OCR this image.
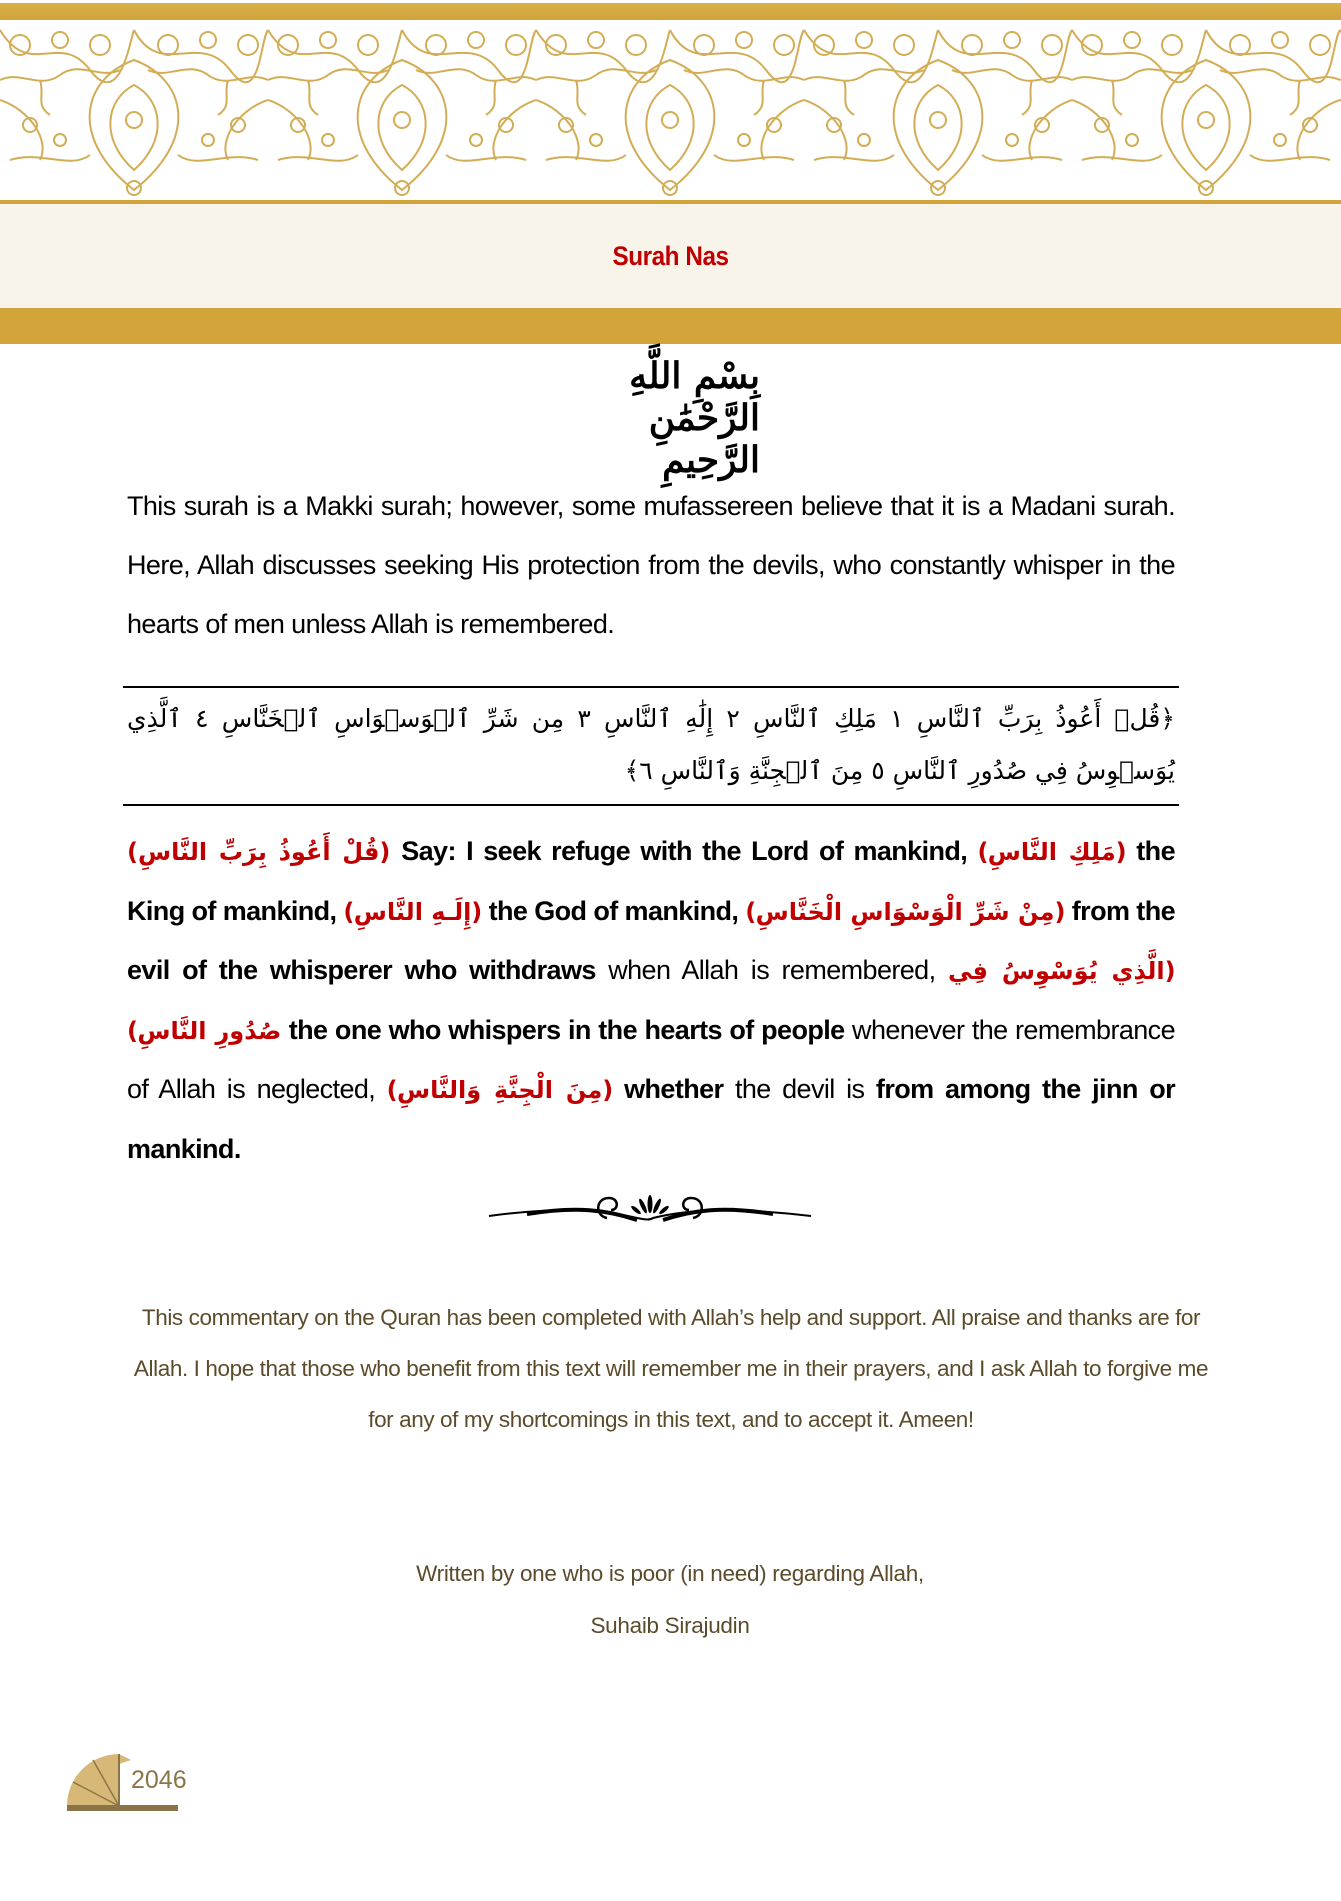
Surah Nas
بِسْمِ اللَّهِ الرَّحْمَٰنِ الرَّحِيمِ
This surah is a Makki surah; however, some mufassereen believe that it is a Madani surah. Here, Allah discusses seeking His protection from the devils, who constantly whisper in the hearts of men unless Allah is remembered.
﴿قُلۡ أَعُوذُ بِرَبِّ ٱلنَّاسِ ١ مَلِكِ ٱلنَّاسِ ٢ إِلَٰهِ ٱلنَّاسِ ٣ مِن شَرِّ ٱلۡوَسۡوَاسِ ٱلۡخَنَّاسِ ٤ ٱلَّذِي يُوَسۡوِسُ فِي صُدُورِ ٱلنَّاسِ ٥ مِنَ ٱلۡجِنَّةِ وَٱلنَّاسِ ٦﴾
(قُلْ أَعُوذُ بِرَبِّ النَّاسِ) Say: I seek refuge with the Lord of mankind, (مَلِكِ النَّاسِ) the King of mankind, (إِلَـهِ النَّاسِ) the God of mankind, (مِنْ شَرِّ الْوَسْوَاسِ الْخَنَّاسِ) from the evil of the whisperer who withdraws when Allah is remembered, (الَّذِي يُوَسْوِسُ فِي صُدُورِ النَّاسِ) the one who whispers in the hearts of people whenever the remembrance of Allah is neglected, (مِنَ الْجِنَّةِ وَالنَّاسِ) whether the devil is from among the jinn or mankind.
This commentary on the Quran has been completed with Allah’s help and support. All praise and thanks are for Allah. I hope that those who benefit from this text will remember me in their prayers, and I ask Allah to forgive me for any of my shortcomings in this text, and to accept it. Ameen!
Written by one who is poor (in need) regarding Allah,
Suhaib Sirajudin
2046
